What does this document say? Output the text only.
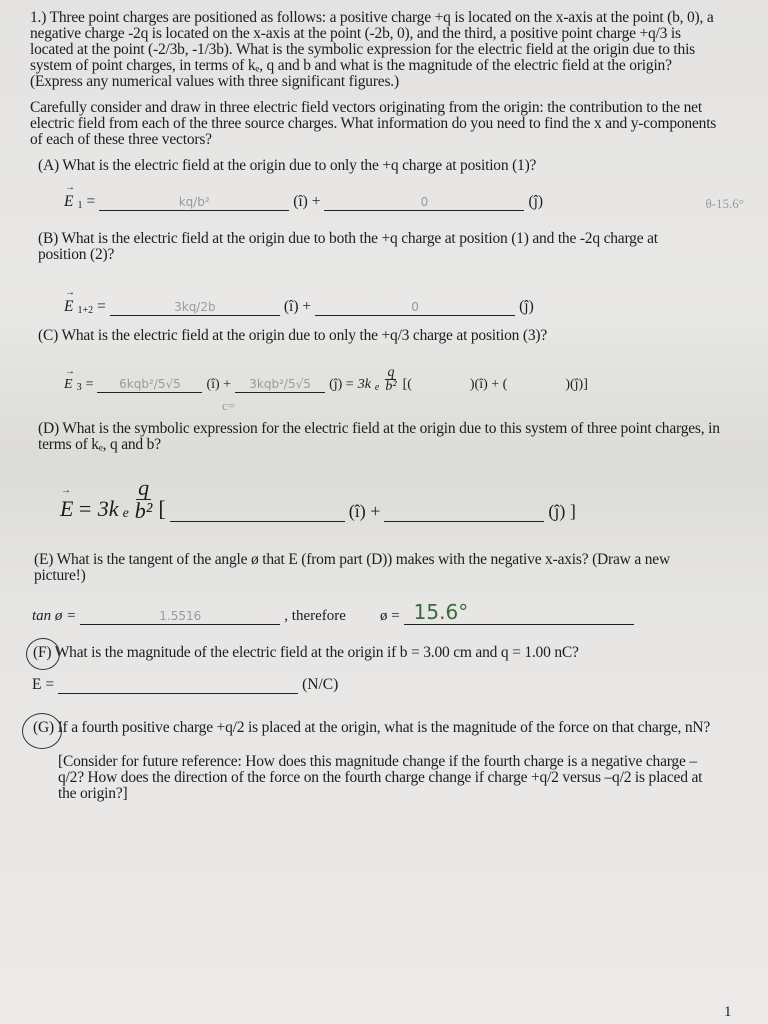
1.) Three point charges are positioned as follows: a positive charge +q is located on the x-axis at the point (b, 0), a negative charge -2q is located on the x-axis at the point (-2b, 0), and the third, a positive point charge +q/3 is located at the point (-2/3b, -1/3b). What is the symbolic expression for the electric field at the origin due to this system of point charges, in terms of kₑ, q and b and what is the magnitude of the electric field at the origin? (Express any numerical values with three significant figures.)

Carefully consider and draw in three electric field vectors originating from the origin: the contribution to the net electric field from each of the three source charges. What information do you need to find the x and y-components of each of these three vectors?

(A) What is the electric field at the origin due to only the +q charge at position (1)?
→ E $_1$ =	kq/b²	(î) +	0	(ĵ)	θ-15.6°
(B) What is the electric field at the origin due to both the +q charge at position (1) and the -2q charge at position (2)?
→ E $_{1+2}$ =	3kq/2b	(î) +	0	(ĵ)
(C) What is the electric field at the origin due to only the +q/3 charge at position (3)?
→ E 3 = 6kqb²/5√5 (î) + 3kqb²/5√5 (ĵ) = 3k e $\frac{q}{\text{b²}}$ [(	)(î) + (	)(ĵ)]
c=
(D) What is the symbolic expression for the electric field at the origin due to this system of three point charges, in terms of kₑ, q and b?
→ E = 3k e $\frac{q}{\text{b²}}$ [	(î) +	(ĵ) ]
(E) What is the tangent of the angle ø that E (from part (D)) makes with the negative x-axis? (Draw a new picture!)
tan ø =	1.5516	, therefore ø = 15.6°
(F) What is the magnitude of the electric field at the origin if b = 3.00 cm and q = 1.00 nC?
E =	(N/C)
(G) If a fourth positive charge +q/2 is placed at the origin, what is the magnitude of the force on that charge, nN?
[Consider for future reference: How does this magnitude change if the fourth charge is a negative charge –q/2? How does the direction of the force on the fourth charge change if charge +q/2 versus –q/2 is placed at the origin?]
1
